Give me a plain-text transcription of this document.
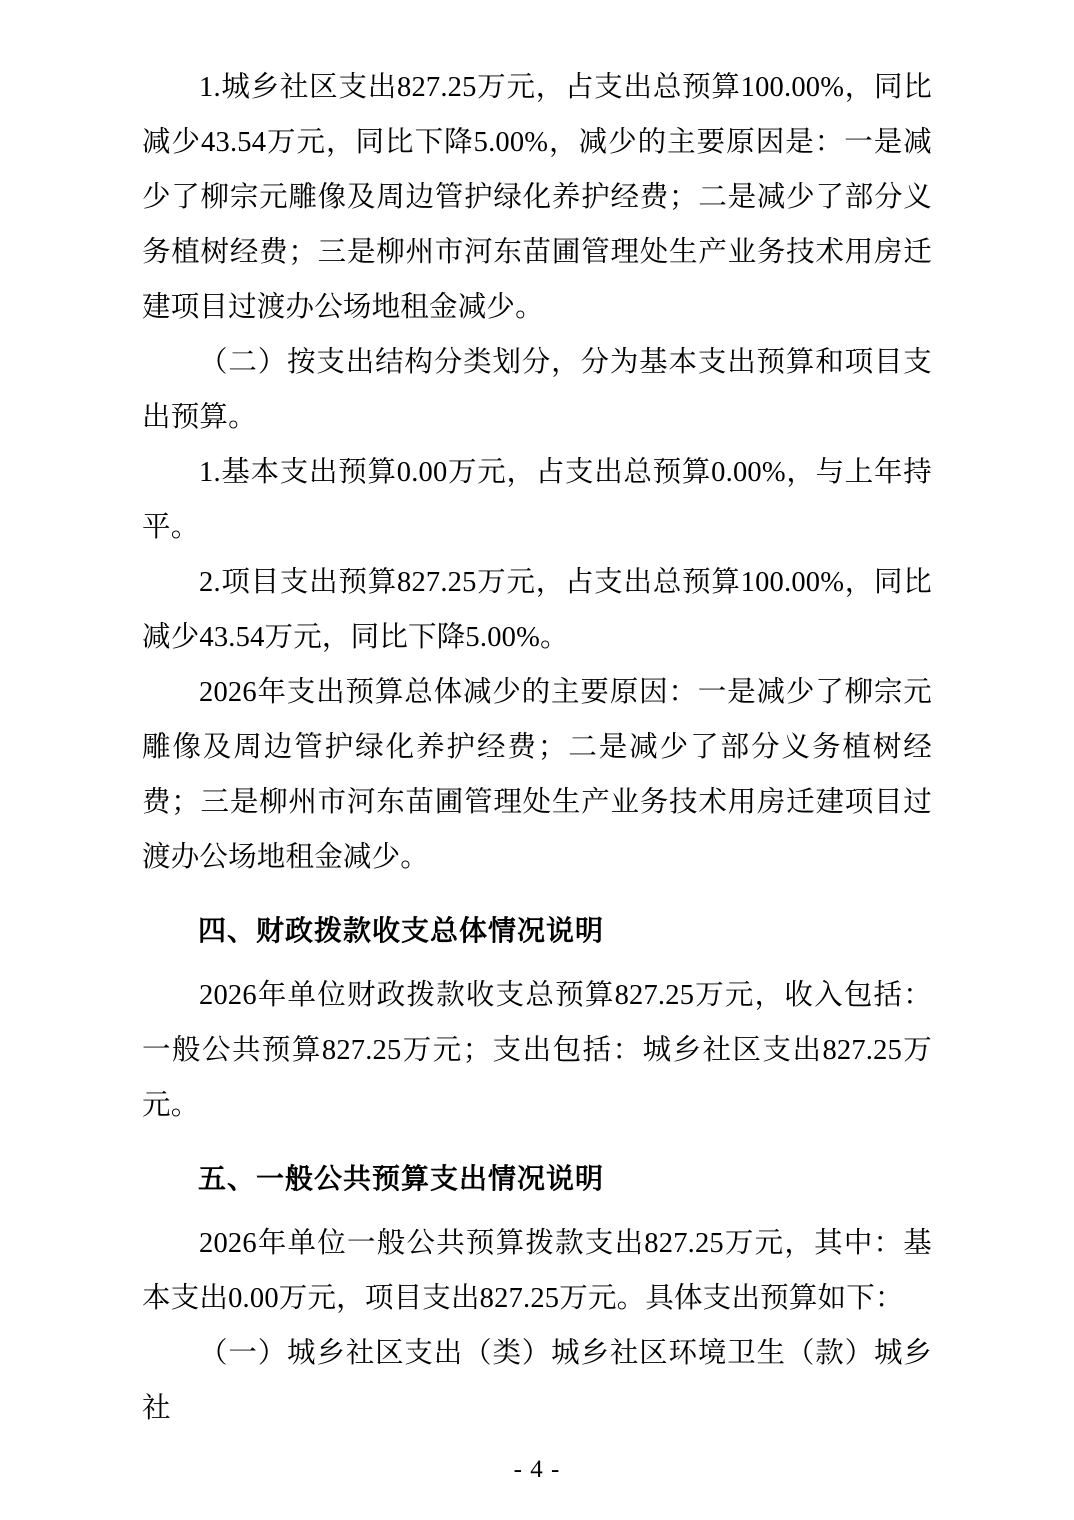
1.城乡社区支出827.25万元，占支出总预算100.00%，同比减少43.54万元，同比下降5.00%，减少的主要原因是：一是减少了柳宗元雕像及周边管护绿化养护经费；二是减少了部分义务植树经费；三是柳州市河东苗圃管理处生产业务技术用房迁建项目过渡办公场地租金减少。

（二）按支出结构分类划分，分为基本支出预算和项目支出预算。

1.基本支出预算0.00万元，占支出总预算0.00%，与上年持平。

2.项目支出预算827.25万元，占支出总预算100.00%，同比减少43.54万元，同比下降5.00%。

2026年支出预算总体减少的主要原因：一是减少了柳宗元雕像及周边管护绿化养护经费；二是减少了部分义务植树经费；三是柳州市河东苗圃管理处生产业务技术用房迁建项目过渡办公场地租金减少。

四、财政拨款收支总体情况说明

2026年单位财政拨款收支总预算827.25万元，收入包括：一般公共预算827.25万元；支出包括：城乡社区支出827.25万元。

五、一般公共预算支出情况说明

2026年单位一般公共预算拨款支出827.25万元，其中：基本支出0.00万元，项目支出827.25万元。具体支出预算如下：

（一）城乡社区支出（类）城乡社区环境卫生（款）城乡社

- 4 -
